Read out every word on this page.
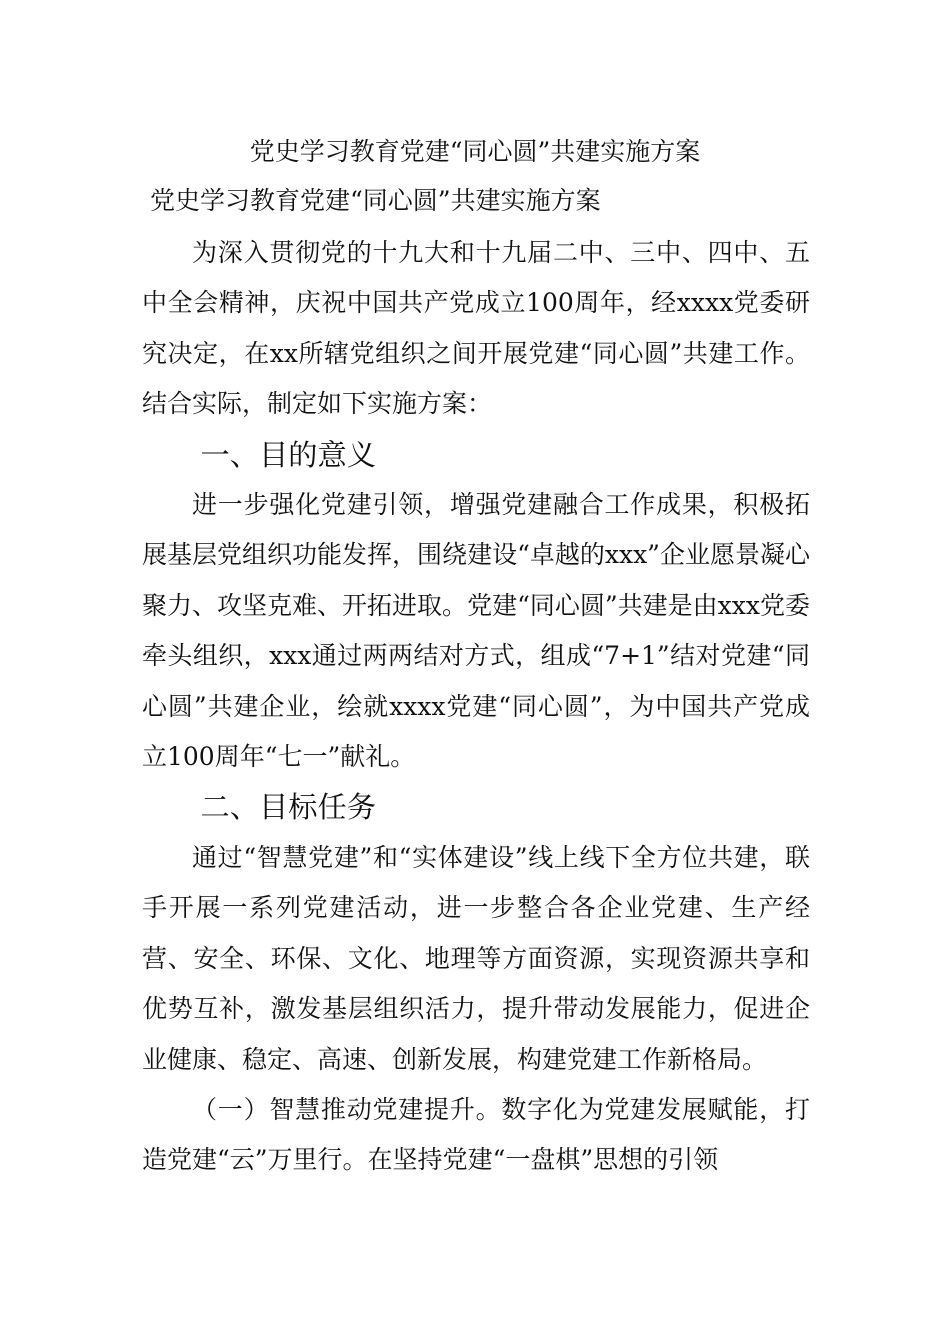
党史学习教育党建“同心圆”共建实施方案
党史学习教育党建“同心圆”共建实施方案

为深入贯彻党的十九大和十九届二中、三中、四中、五中全会精神，庆祝中国共产党成立100周年，经xxxx党委研究决定，在xx所辖党组织之间开展党建“同心圆”共建工作。结合实际，制定如下实施方案：

一、目的意义

进一步强化党建引领，增强党建融合工作成果，积极拓展基层党组织功能发挥，围绕建设“卓越的xxx”企业愿景凝心聚力、攻坚克难、开拓进取。党建“同心圆”共建是由xxx党委牵头组织，xxx通过两两结对方式，组成“7+1”结对党建“同心圆”共建企业，绘就xxxx党建“同心圆”，为中国共产党成立100周年“七一”献礼。

二、目标任务

通过“智慧党建”和“实体建设”线上线下全方位共建，联手开展一系列党建活动，进一步整合各企业党建、生产经营、安全、环保、文化、地理等方面资源，实现资源共享和优势互补，激发基层组织活力，提升带动发展能力，促进企业健康、稳定、高速、创新发展，构建党建工作新格局。

（一）智慧推动党建提升。数字化为党建发展赋能，打造党建“云”万里行。在坚持党建“一盘棋”思想的引领
